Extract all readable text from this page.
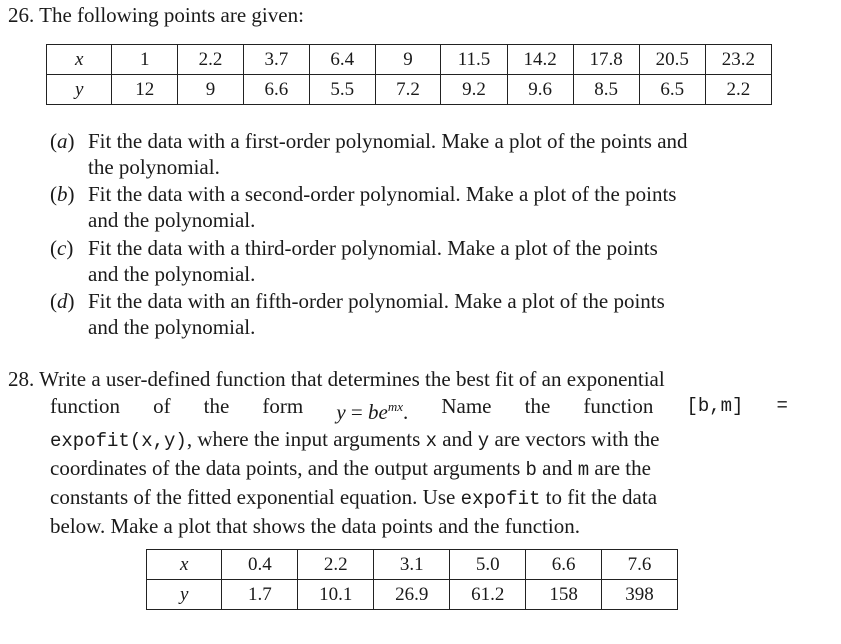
26. The following points are given:
x	1	2.2	3.7	6.4	9	11.5	14.2	17.8	20.5	23.2
y	12	9	6.6	5.5	7.2	9.2	9.6	8.5	6.5	2.2
(a) Fit the data with a first-order polynomial. Make a plot of the points and
the polynomial.
(b) Fit the data with a second-order polynomial. Make a plot of the points
and the polynomial.
(c) Fit the data with a third-order polynomial. Make a plot of the points
and the polynomial.
(d) Fit the data with an fifth-order polynomial. Make a plot of the points
and the polynomial.
28. Write a user-defined function that determines the best fit of an exponential
function of the form $y = be^{mx}$. Name the function [b,m] =
expofit(x,y), where the input arguments x and y are vectors with the
coordinates of the data points, and the output arguments b and m are the
constants of the fitted exponential equation. Use expofit to fit the data
below. Make a plot that shows the data points and the function.
x	0.4	2.2	3.1	5.0	6.6	7.6
y	1.7	10.1	26.9	61.2	158	398
